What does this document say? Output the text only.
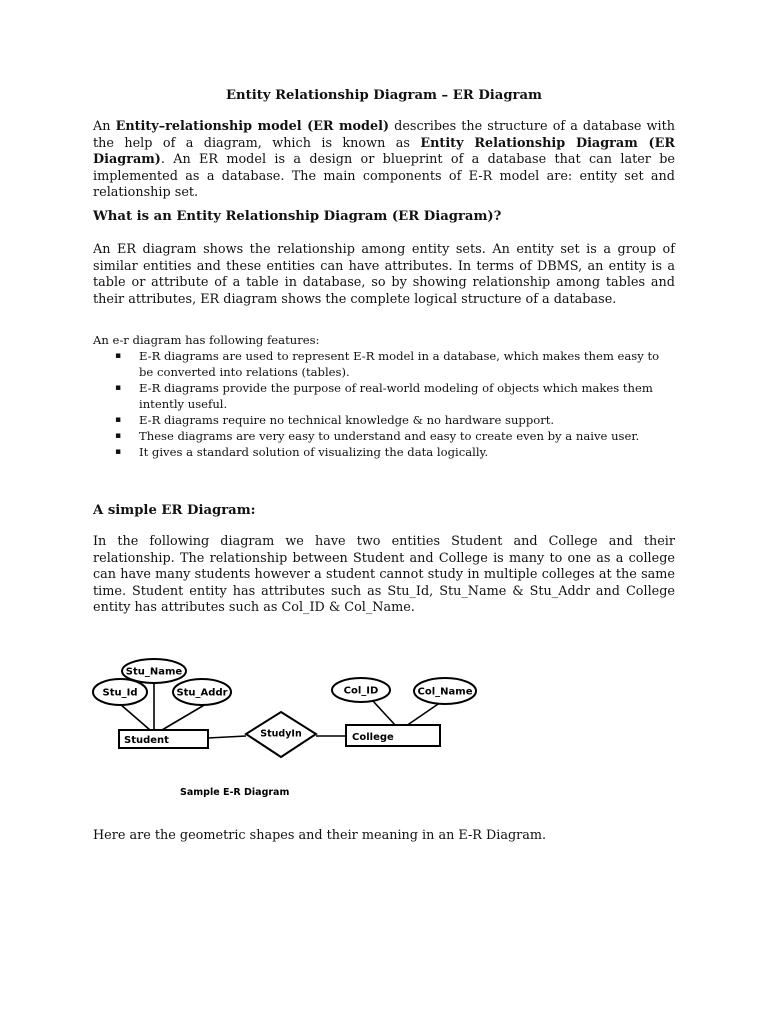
Entity Relationship Diagram – ER Diagram

An Entity–relationship model (ER model) describes the structure of a database with the help of a diagram, which is known as Entity Relationship Diagram (ER Diagram). An ER model is a design or blueprint of a database that can later be implemented as a database. The main components of E-R model are: entity set and relationship set.

What is an Entity Relationship Diagram (ER Diagram)?

An ER diagram shows the relationship among entity sets. An entity set is a group of similar entities and these entities can have attributes. In terms of DBMS, an entity is a table or attribute of a table in database, so by showing relationship among tables and their attributes, ER diagram shows the complete logical structure of a database.

An e-r diagram has following features:
▪ E-R diagrams are used to represent E-R model in a database, which makes them easy to be converted into relations (tables).
▪ E-R diagrams provide the purpose of real-world modeling of objects which makes them intently useful.
▪ E-R diagrams require no technical knowledge & no hardware support.
▪ These diagrams are very easy to understand and easy to create even by a naive user.
▪ It gives a standard solution of visualizing the data logically.
A simple ER Diagram:

In the following diagram we have two entities Student and College and their relationship. The relationship between Student and College is many to one as a college can have many students however a student cannot study in multiple colleges at the same time. Student entity has attributes such as Stu_Id, Stu_Name & Stu_Addr and College entity has attributes such as Col_ID & Col_Name.

Stu_Name
Stu_Id	Stu_Addr	Col_ID	Col_Name
Student	College
StudyIn
Sample E-R Diagram
Here are the geometric shapes and their meaning in an E-R Diagram.
